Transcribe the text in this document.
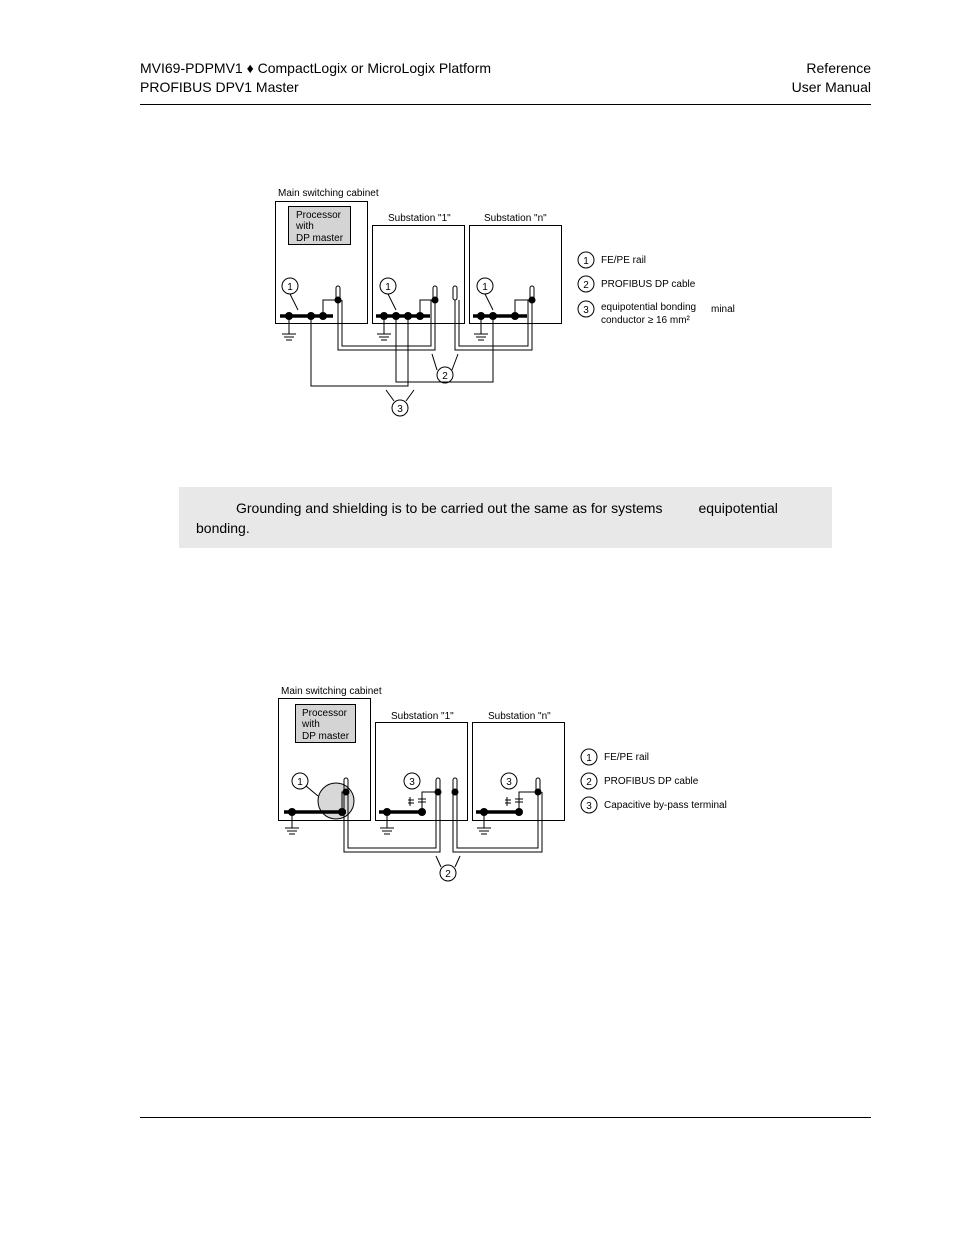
MVI69-PDPMV1 ♦ CompactLogix or MicroLogix Platform
PROFIBUS DPV1 Master
Reference
User Manual
Main switching cabinet
Processor
with
DP master
Substation "1"	Substation "n"
1	1	1
2
3
1 FE/PE rail
2 PROFIBUS DP cable
3 equipotential bonding minal
conductor ≥ 16 mm²
Main switching cabinet
Processor
with
DP master
Substation "1"	Substation "n"
1	3	3
2
1 FE/PE rail
2 PROFIBUS DP cable
3 Capacitive by-pass terminal
Grounding and shielding is to be carried out the same as for systems	equipotential
bonding.
